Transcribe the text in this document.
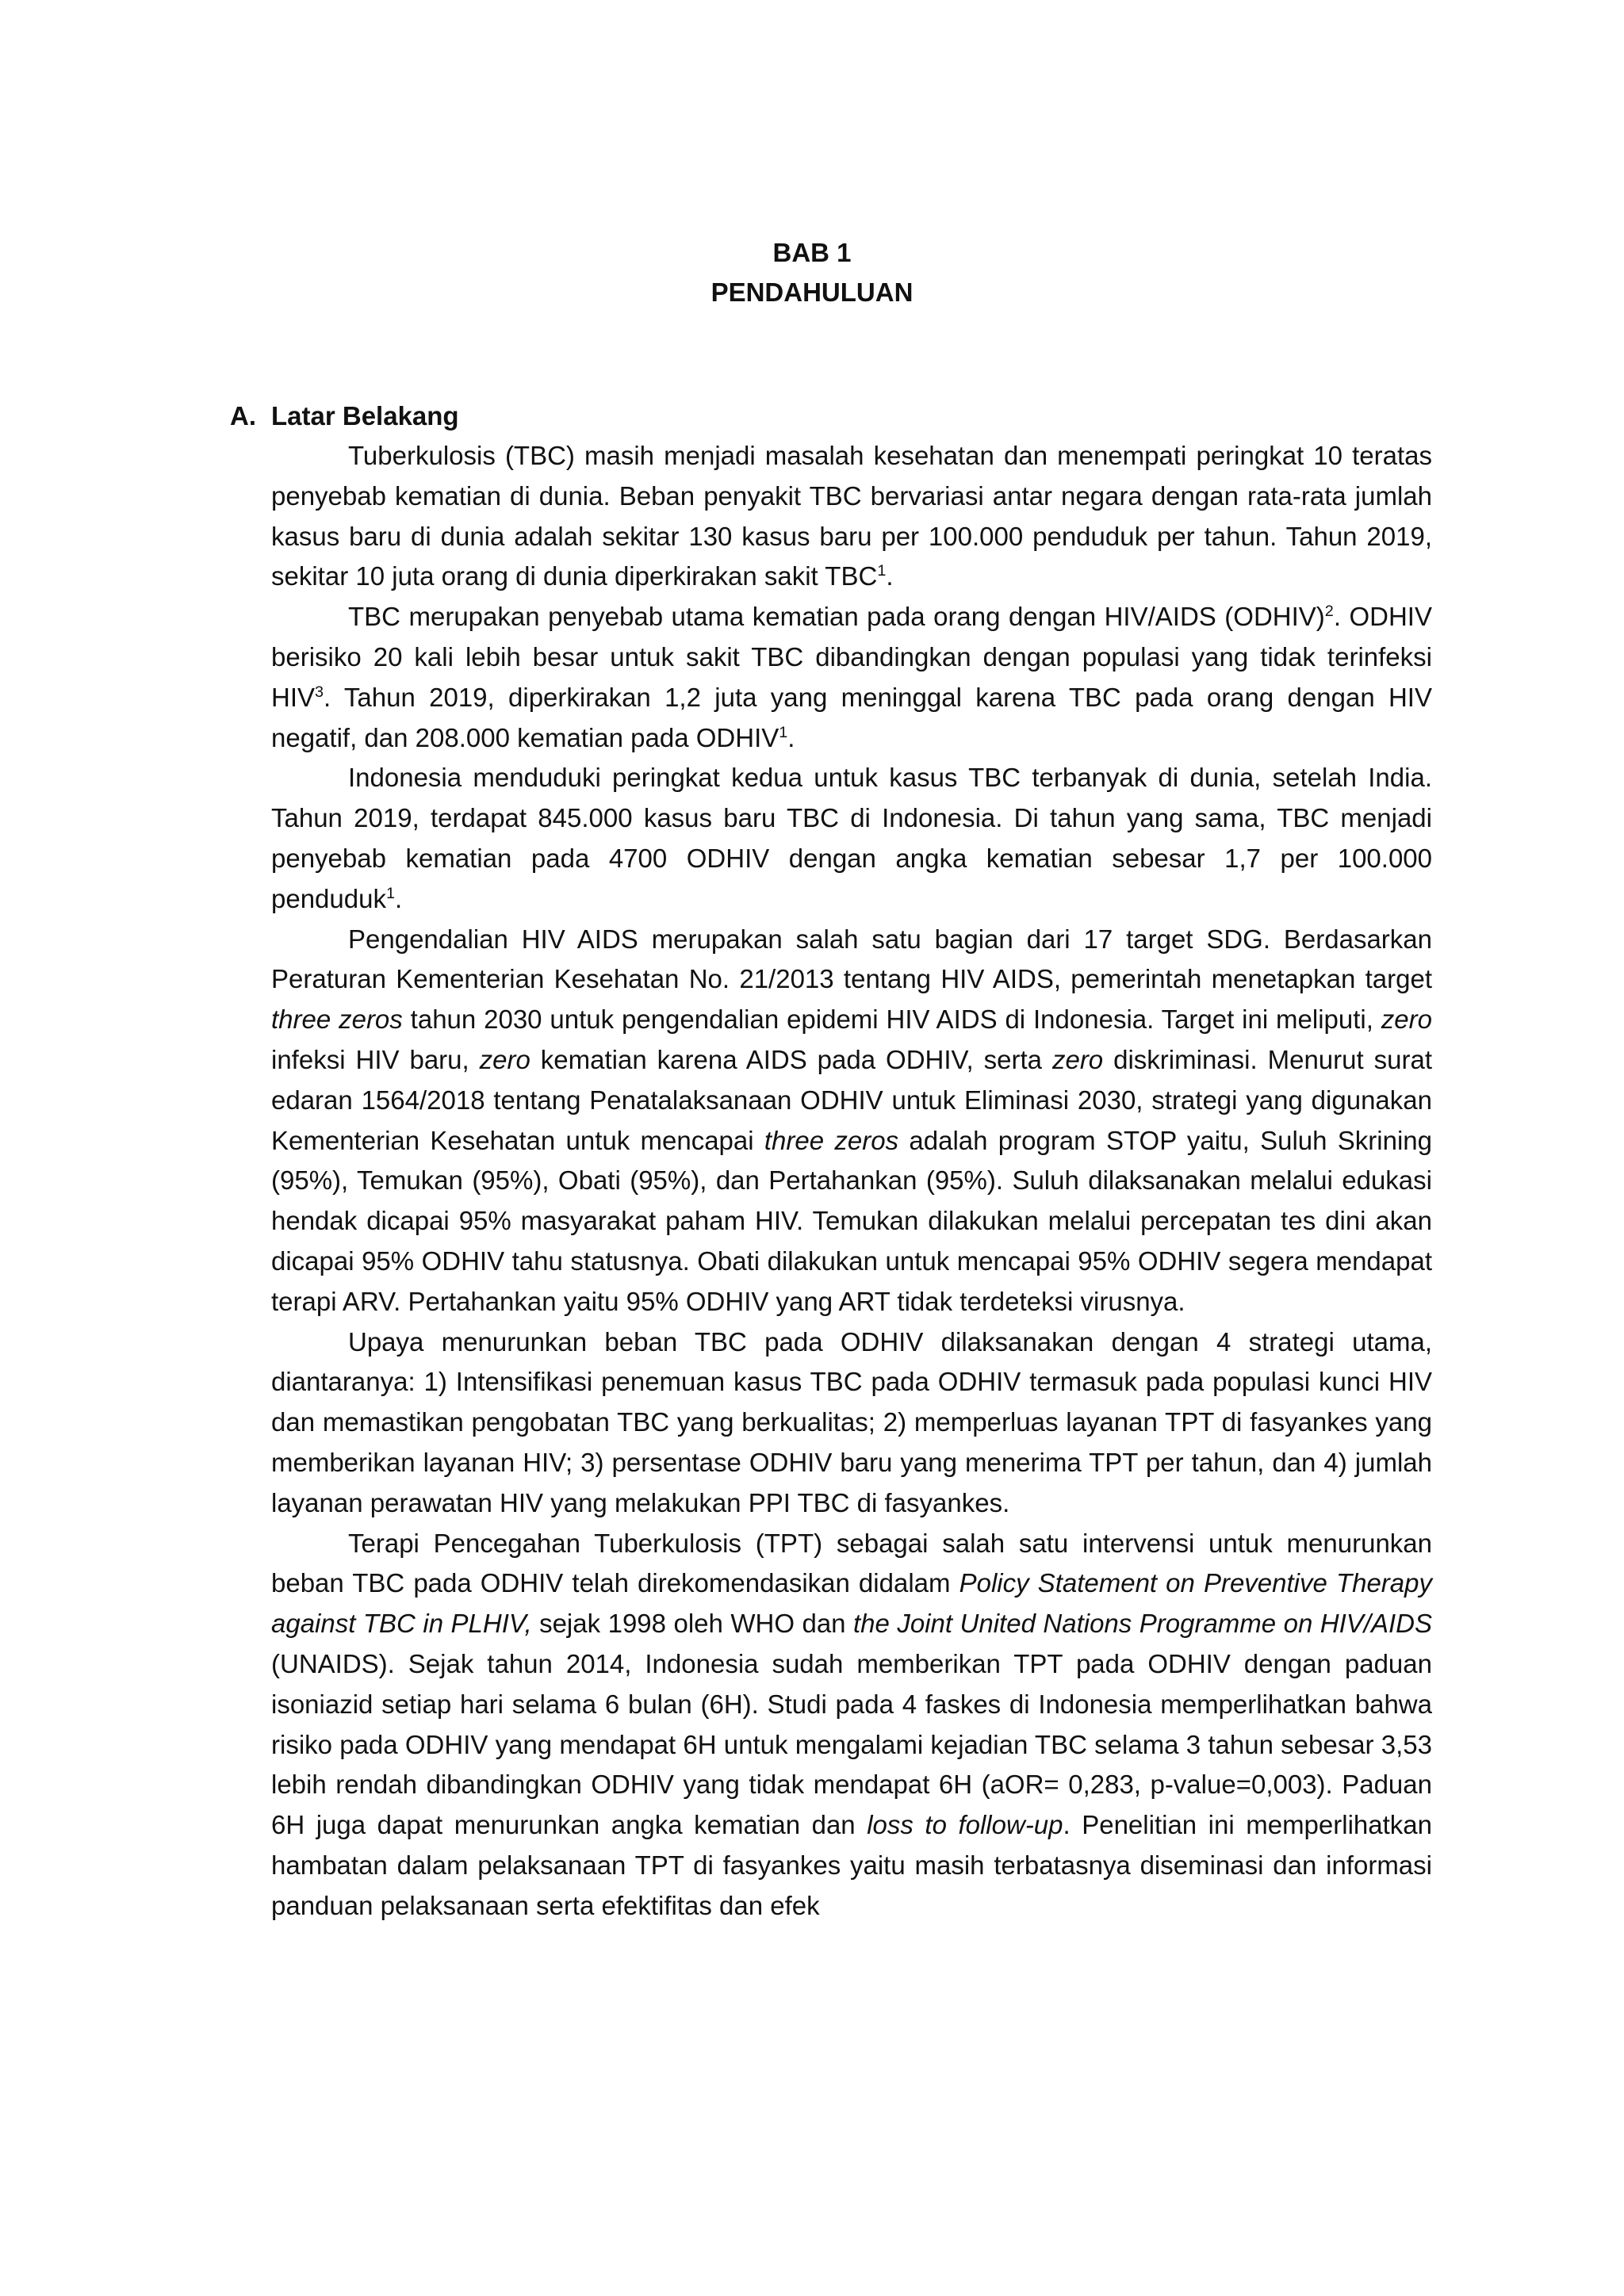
BAB 1
PENDAHULUAN
A. Latar Belakang

Tuberkulosis (TBC) masih menjadi masalah kesehatan dan menempati peringkat 10 teratas penyebab kematian di dunia. Beban penyakit TBC bervariasi antar negara dengan rata-rata jumlah kasus baru di dunia adalah sekitar 130 kasus baru per 100.000 penduduk per tahun. Tahun 2019, sekitar 10 juta orang di dunia diperkirakan sakit TBC$^1$.

TBC merupakan penyebab utama kematian pada orang dengan HIV/AIDS (ODHIV)$^2$. ODHIV berisiko 20 kali lebih besar untuk sakit TBC dibandingkan dengan populasi yang tidak terinfeksi HIV$^3$. Tahun 2019, diperkirakan 1,2 juta yang meninggal karena TBC pada orang dengan HIV negatif, dan 208.000 kematian pada ODHIV$^1$.

Indonesia menduduki peringkat kedua untuk kasus TBC terbanyak di dunia, setelah India. Tahun 2019, terdapat 845.000 kasus baru TBC di Indonesia. Di tahun yang sama, TBC menjadi penyebab kematian pada 4700 ODHIV dengan angka kematian sebesar 1,7 per 100.000 penduduk$^1$.

Pengendalian HIV AIDS merupakan salah satu bagian dari 17 target SDG. Berdasarkan Peraturan Kementerian Kesehatan No. 21/2013 tentang HIV AIDS, pemerintah menetapkan target three zeros tahun 2030 untuk pengendalian epidemi HIV AIDS di Indonesia. Target ini meliputi, zero infeksi HIV baru, zero kematian karena AIDS pada ODHIV, serta zero diskriminasi. Menurut surat edaran 1564/2018 tentang Penatalaksanaan ODHIV untuk Eliminasi 2030, strategi yang digunakan Kementerian Kesehatan untuk mencapai three zeros adalah program STOP yaitu, Suluh Skrining (95%), Temukan (95%), Obati (95%), dan Pertahankan (95%). Suluh dilaksanakan melalui edukasi hendak dicapai 95% masyarakat paham HIV. Temukan dilakukan melalui percepatan tes dini akan dicapai 95% ODHIV tahu statusnya. Obati dilakukan untuk mencapai 95% ODHIV segera mendapat terapi ARV. Pertahankan yaitu 95% ODHIV yang ART tidak terdeteksi virusnya.

Upaya menurunkan beban TBC pada ODHIV dilaksanakan dengan 4 strategi utama, diantaranya: 1) Intensifikasi penemuan kasus TBC pada ODHIV termasuk pada populasi kunci HIV dan memastikan pengobatan TBC yang berkualitas; 2) memperluas layanan TPT di fasyankes yang memberikan layanan HIV; 3) persentase ODHIV baru yang menerima TPT per tahun, dan 4) jumlah layanan perawatan HIV yang melakukan PPI TBC di fasyankes.

Terapi Pencegahan Tuberkulosis (TPT) sebagai salah satu intervensi untuk menurunkan beban TBC pada ODHIV telah direkomendasikan didalam Policy Statement on Preventive Therapy against TBC in PLHIV, sejak 1998 oleh WHO dan the Joint United Nations Programme on HIV/AIDS (UNAIDS). Sejak tahun 2014, Indonesia sudah memberikan TPT pada ODHIV dengan paduan isoniazid setiap hari selama 6 bulan (6H). Studi pada 4 faskes di Indonesia memperlihatkan bahwa risiko pada ODHIV yang mendapat 6H untuk mengalami kejadian TBC selama 3 tahun sebesar 3,53 lebih rendah dibandingkan ODHIV yang tidak mendapat 6H (aOR= 0,283, p-value=0,003). Paduan 6H juga dapat menurunkan angka kematian dan loss to follow-up. Penelitian ini memperlihatkan hambatan dalam pelaksanaan TPT di fasyankes yaitu masih terbatasnya diseminasi dan informasi panduan pelaksanaan serta efektifitas dan efek
